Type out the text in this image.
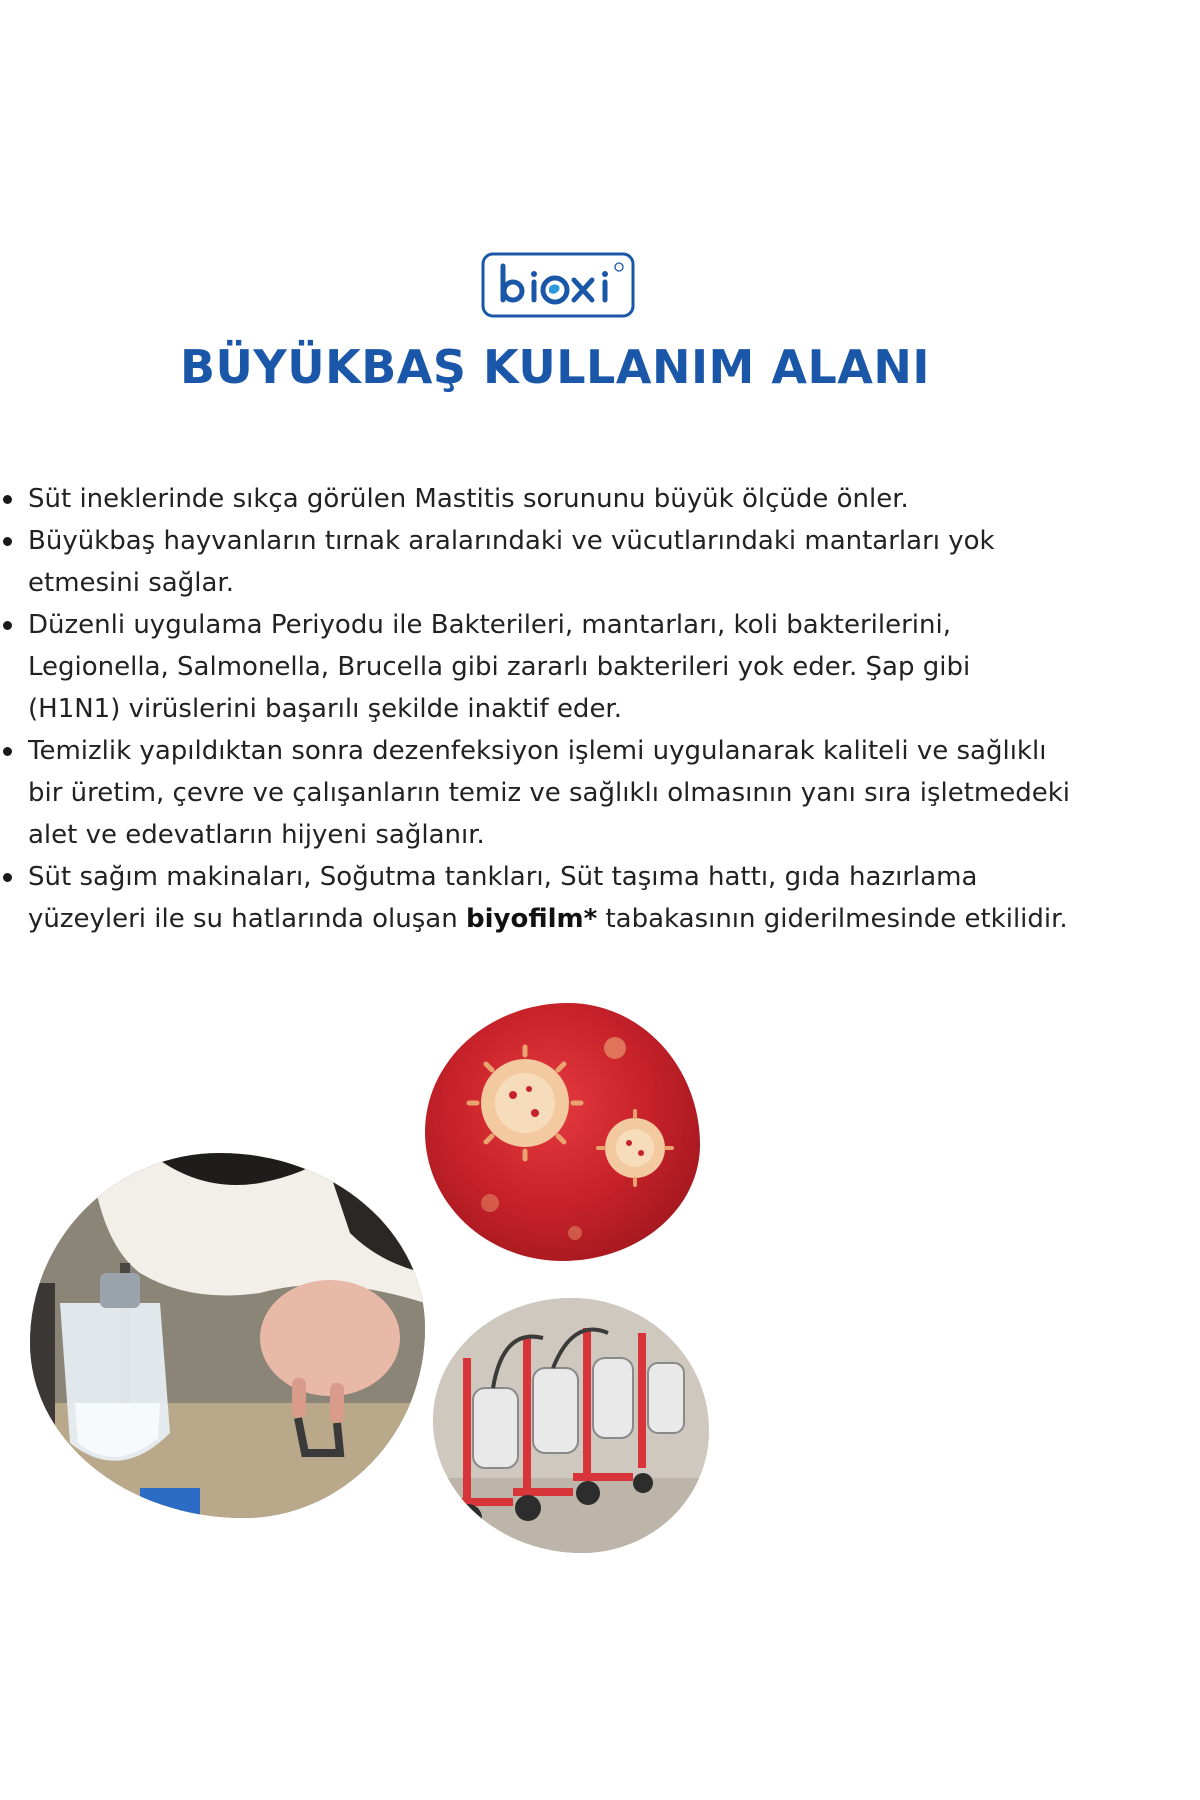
BÜYÜKBAŞ KULLANIM ALANI
Süt ineklerinde sıkça görülen Mastitis sorununu büyük ölçüde önler.
Büyükbaş hayvanların tırnak aralarındaki ve vücutlarındaki mantarları yok
etmesini sağlar.
Düzenli uygulama Periyodu ile Bakterileri, mantarları, koli bakterilerini,
Legionella, Salmonella, Brucella gibi zararlı bakterileri yok eder. Şap gibi
(H1N1) virüslerini başarılı şekilde inaktif eder.
Temizlik yapıldıktan sonra dezenfeksiyon işlemi uygulanarak kaliteli ve sağlıklı
bir üretim, çevre ve çalışanların temiz ve sağlıklı olmasının yanı sıra işletmedeki
alet ve edevatların hijyeni sağlanır.
Süt sağım makinaları, Soğutma tankları, Süt taşıma hattı, gıda hazırlama
yüzeyleri ile su hatlarında oluşan biyofilm* tabakasının giderilmesinde etkilidir.
